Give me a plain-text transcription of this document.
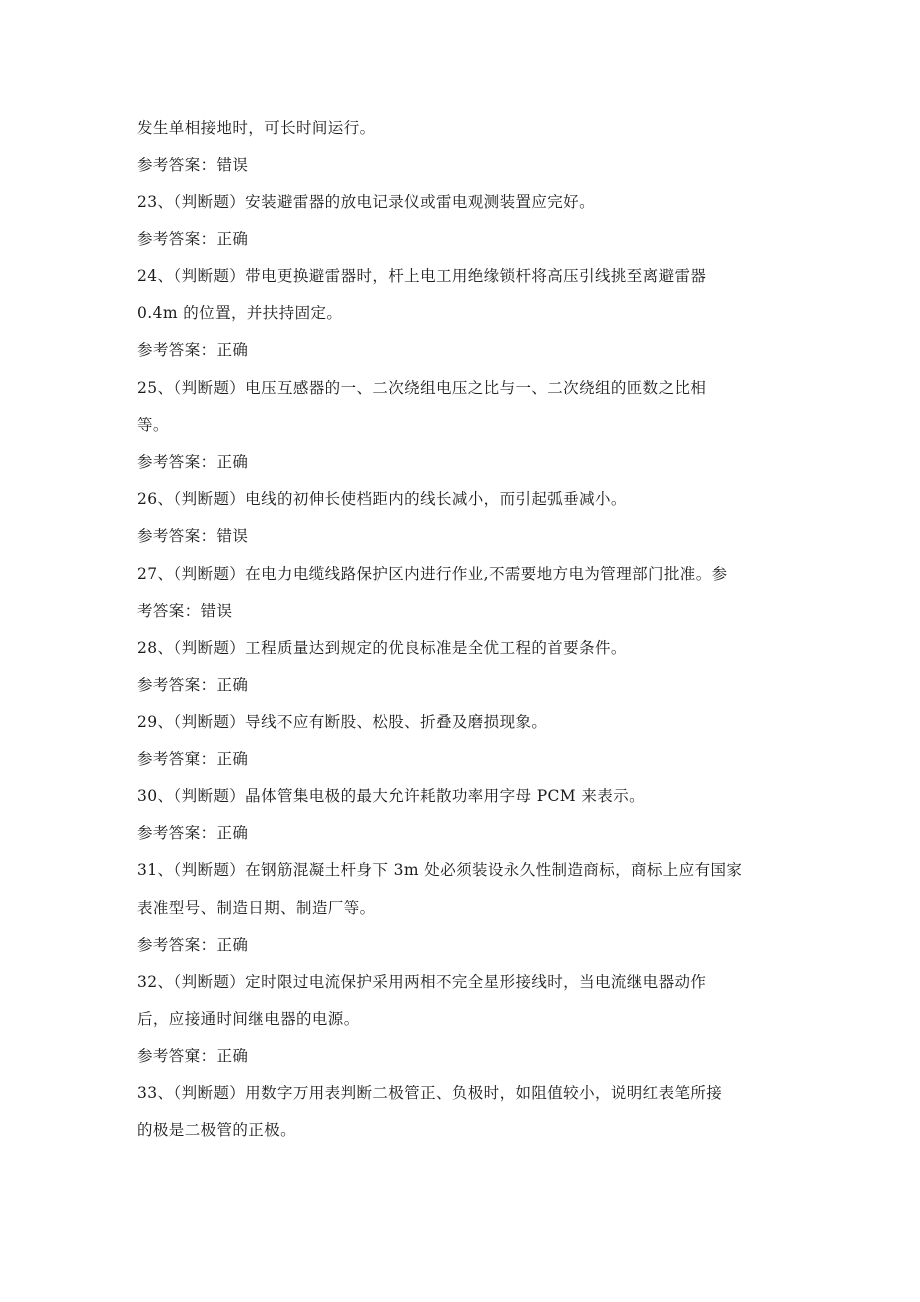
发生单相接地时，可长时间运行。
参考答案：错误
23、（判断题）安装避雷器的放电记录仪或雷电观测装置应完好。
参考答案：正确
24、（判断题）带电更换避雷器时，杆上电工用绝缘锁杆将高压引线挑至离避雷器
0.4m 的位置，并扶持固定。
参考答案：正确
25、（判断题）电压互感器的一、二次绕组电压之比与一、二次绕组的匝数之比相
等。
参考答案：正确
26、（判断题）电线的初伸长使档距内的线长减小，而引起弧垂减小。
参考答案：错误
27、（判断题）在电力电缆线路保护区内进行作业,不需要地方电为管理部门批准。参
考答案：错误
28、（判断题）工程质量达到规定的优良标准是全优工程的首要条件。
参考答案：正确
29、（判断题）导线不应有断股、松股、折叠及磨损现象。
参考答窠：正确
30、（判断题）晶体管集电极的最大允许耗散功率用字母 PCM 来表示。
参考答案：正确
31、（判断题）在钢筋混凝土杆身下 3m 处必须装设永久性制造商标，商标上应有国家
表准型号、制造日期、制造厂等。
参考答案：正确
32、（判断题）定时限过电流保护采用两相不完全星形接线时，当电流继电器动作
后，应接通时间继电器的电源。
参考答窠：正确
33、（判断题）用数字万用表判断二极管正、负极时，如阻值较小，说明红表笔所接
的极是二极管的正极。
